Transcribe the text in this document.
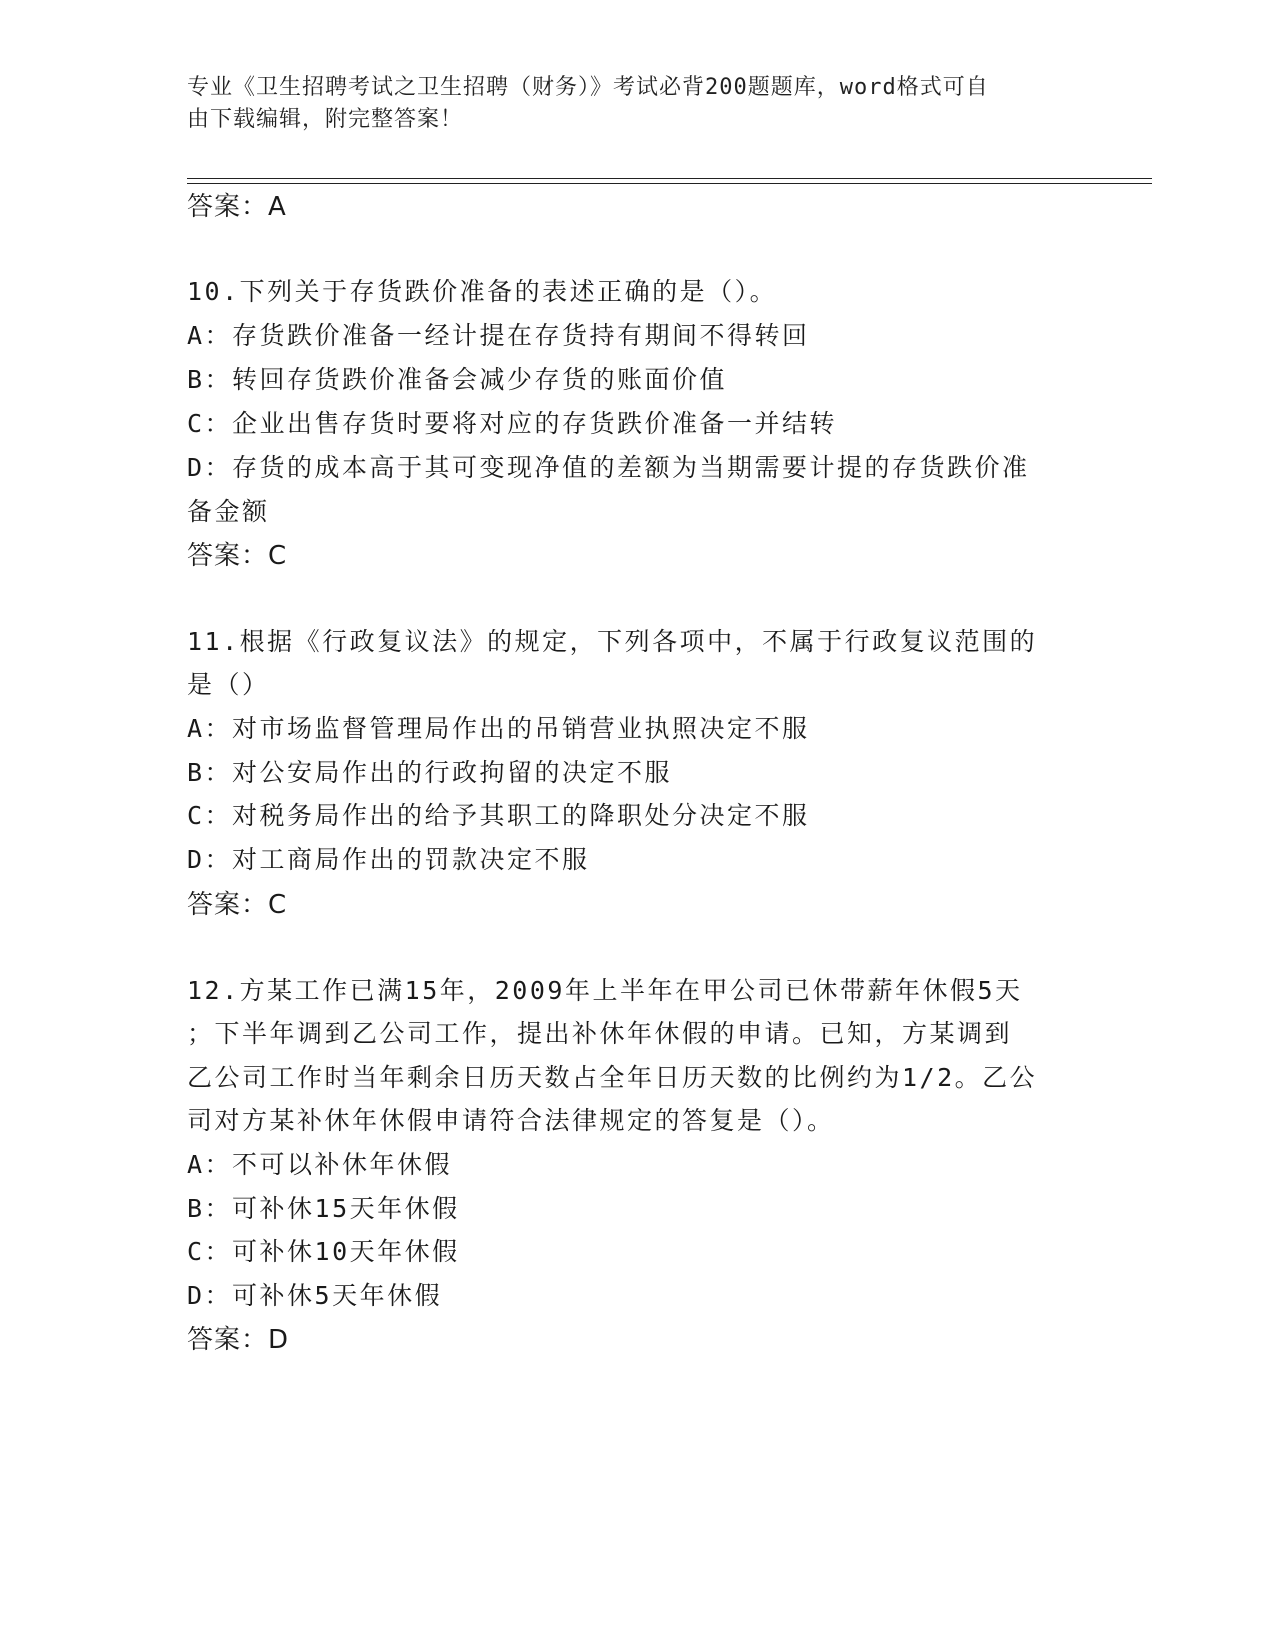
专业《卫生招聘考试之卫生招聘（财务）》考试必背200题题库，word格式可自
由下载编辑，附完整答案！
答案：A
10.下列关于存货跌价准备的表述正确的是（）。
A：存货跌价准备一经计提在存货持有期间不得转回
B：转回存货跌价准备会减少存货的账面价值
C：企业出售存货时要将对应的存货跌价准备一并结转
D：存货的成本高于其可变现净值的差额为当期需要计提的存货跌价准
备金额
答案：C
11.根据《行政复议法》的规定，下列各项中，不属于行政复议范围的
是（）
A：对市场监督管理局作出的吊销营业执照决定不服
B：对公安局作出的行政拘留的决定不服
C：对税务局作出的给予其职工的降职处分决定不服
D：对工商局作出的罚款决定不服
答案：C
12.方某工作已满15年，2009年上半年在甲公司已休带薪年休假5天
；下半年调到乙公司工作，提出补休年休假的申请。已知，方某调到
乙公司工作时当年剩余日历天数占全年日历天数的比例约为1/2。乙公
司对方某补休年休假申请符合法律规定的答复是（）。
A：不可以补休年休假
B：可补休15天年休假
C：可补休10天年休假
D：可补休5天年休假
答案：D
